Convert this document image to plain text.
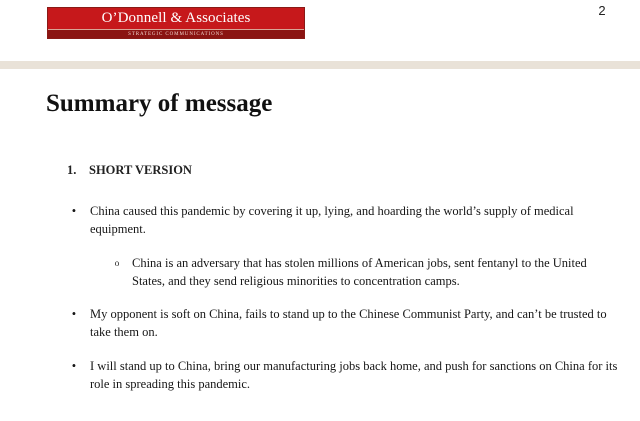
O’Donnell & Associates
STRATEGIC COMMUNICATIONS
2
Summary of message
1. SHORT VERSION
• China caused this pandemic by covering it up, lying, and hoarding the world’s supply of medical equipment.
o China is an adversary that has stolen millions of American jobs, sent fentanyl to the United States, and they send religious minorities to concentration camps.
• My opponent is soft on China, fails to stand up to the Chinese Communist Party, and can’t be trusted to take them on.
• I will stand up to China, bring our manufacturing jobs back home, and push for sanctions on China for its role in spreading this pandemic.
